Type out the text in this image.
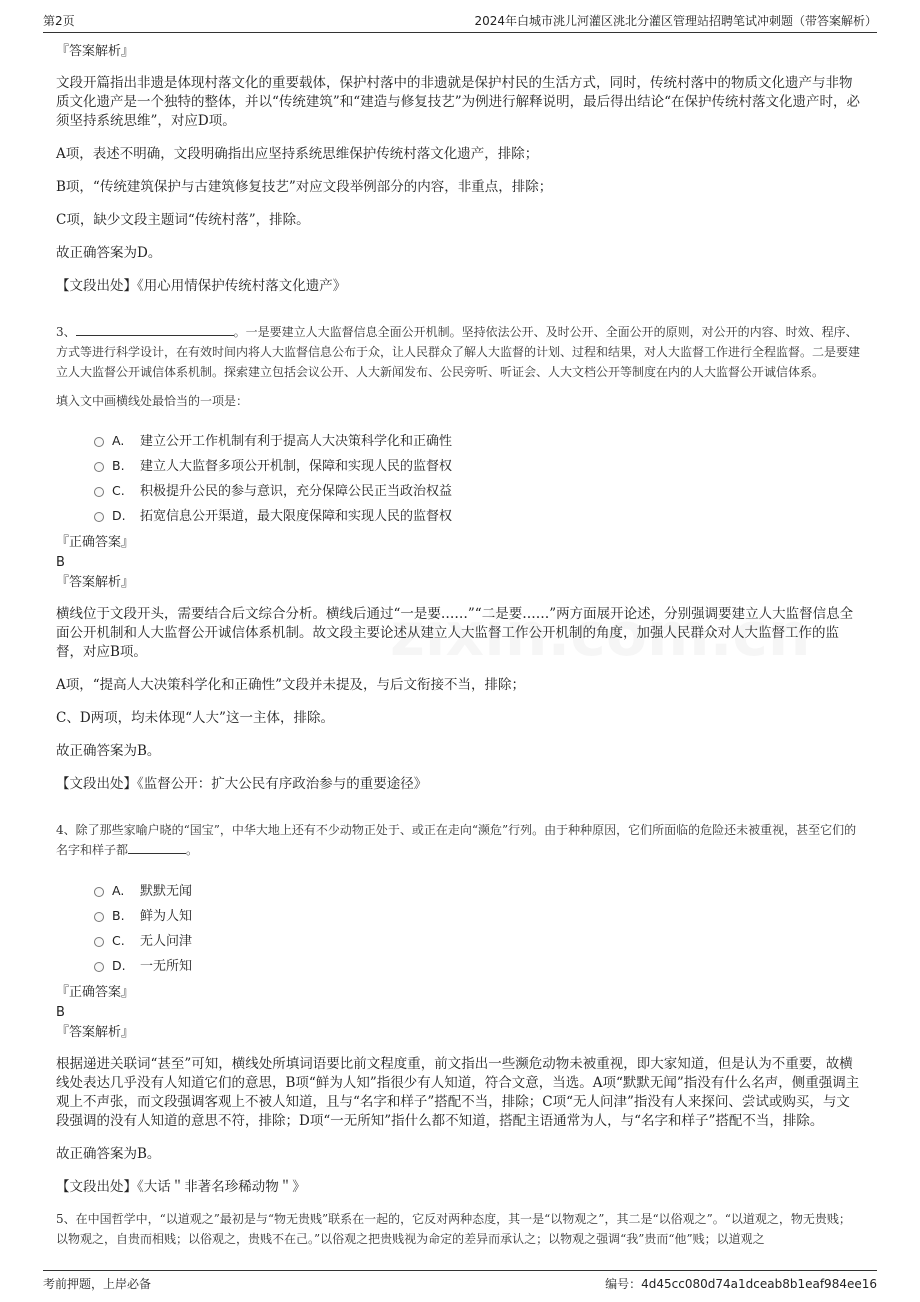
第2页	2024年白城市洮儿河灌区洮北分灌区管理站招聘笔试冲刺题（带答案解析）
『答案解析』
文段开篇指出非遗是体现村落文化的重要载体，保护村落中的非遗就是保护村民的生活方式，同时，传统村落中的物质文化遗产与非物质文化遗产是一个独特的整体，并以“传统建筑”和“建造与修复技艺”为例进行解释说明，最后得出结论“在保护传统村落文化遗产时，必须坚持系统思维”，对应D项。
A项，表述不明确，文段明确指出应坚持系统思维保护传统村落文化遗产，排除；
B项，“传统建筑保护与古建筑修复技艺”对应文段举例部分的内容，非重点，排除；
C项，缺少文段主题词“传统村落”，排除。
故正确答案为D。
【文段出处】《用心用情保护传统村落文化遗产》
3、	。一是要建立人大监督信息全面公开机制。坚持依法公开、及时公开、全面公开的原则，对公开的内容、时效、程序、方式等进行科学设计，在有效时间内将人大监督信息公布于众，让人民群众了解人大监督的计划、过程和结果，对人大监督工作进行全程监督。二是要建立人大监督公开诚信体系机制。探索建立包括会议公开、人大新闻发布、公民旁听、听证会、人大文档公开等制度在内的人大监督公开诚信体系。
填入文中画横线处最恰当的一项是：
A. 建立公开工作机制有利于提高人大决策科学化和正确性
B. 建立人大监督多项公开机制，保障和实现人民的监督权
C. 积极提升公民的参与意识，充分保障公民正当政治权益
D. 拓宽信息公开渠道，最大限度保障和实现人民的监督权
『正确答案』
B
『答案解析』
横线位于文段开头，需要结合后文综合分析。横线后通过“一是要……”“二是要……”两方面展开论述，分别强调要建立人大监督信息全面公开机制和人大监督公开诚信体系机制。故文段主要论述从建立人大监督工作公开机制的角度，加强人民群众对人大监督工作的监督，对应B项。
A项，“提高人大决策科学化和正确性”文段并未提及，与后文衔接不当，排除；
C、D两项，均未体现“人大”这一主体，排除。
故正确答案为B。
【文段出处】《监督公开：扩大公民有序政治参与的重要途径》
4、除了那些家喻户晓的“国宝”，中华大地上还有不少动物正处于、或正在走向“濒危”行列。由于种种原因，它们所面临的危险还未被重视，甚至它们的名字和样子都	。
A. 默默无闻
B. 鲜为人知
C. 无人问津
D. 一无所知
『正确答案』
B
『答案解析』
根据递进关联词“甚至”可知，横线处所填词语要比前文程度重，前文指出一些濒危动物未被重视，即大家知道，但是认为不重要，故横线处表达几乎没有人知道它们的意思，B项“鲜为人知”指很少有人知道，符合文意，当选。A项“默默无闻”指没有什么名声，侧重强调主观上不声张，而文段强调客观上不被人知道，且与“名字和样子”搭配不当，排除；C项“无人问津”指没有人来探问、尝试或购买，与文段强调的没有人知道的意思不符，排除；D项“一无所知”指什么都不知道，搭配主语通常为人，与“名字和样子”搭配不当，排除。
故正确答案为B。
【文段出处】《大话＂非著名珍稀动物＂》
5、在中国哲学中，“以道观之”最初是与“物无贵贱”联系在一起的，它反对两种态度，其一是“以物观之”，其二是“以俗观之”。“以道观之，物无贵贱；以物观之，自贵而相贱；以俗观之，贵贱不在己。”以俗观之把贵贱视为命定的差异而承认之；以物观之强调“我”贵而“他”贱；以道观之
考前押题，上岸必备	编号：4d45cc080d74a1dceab8b1eaf984ee16
